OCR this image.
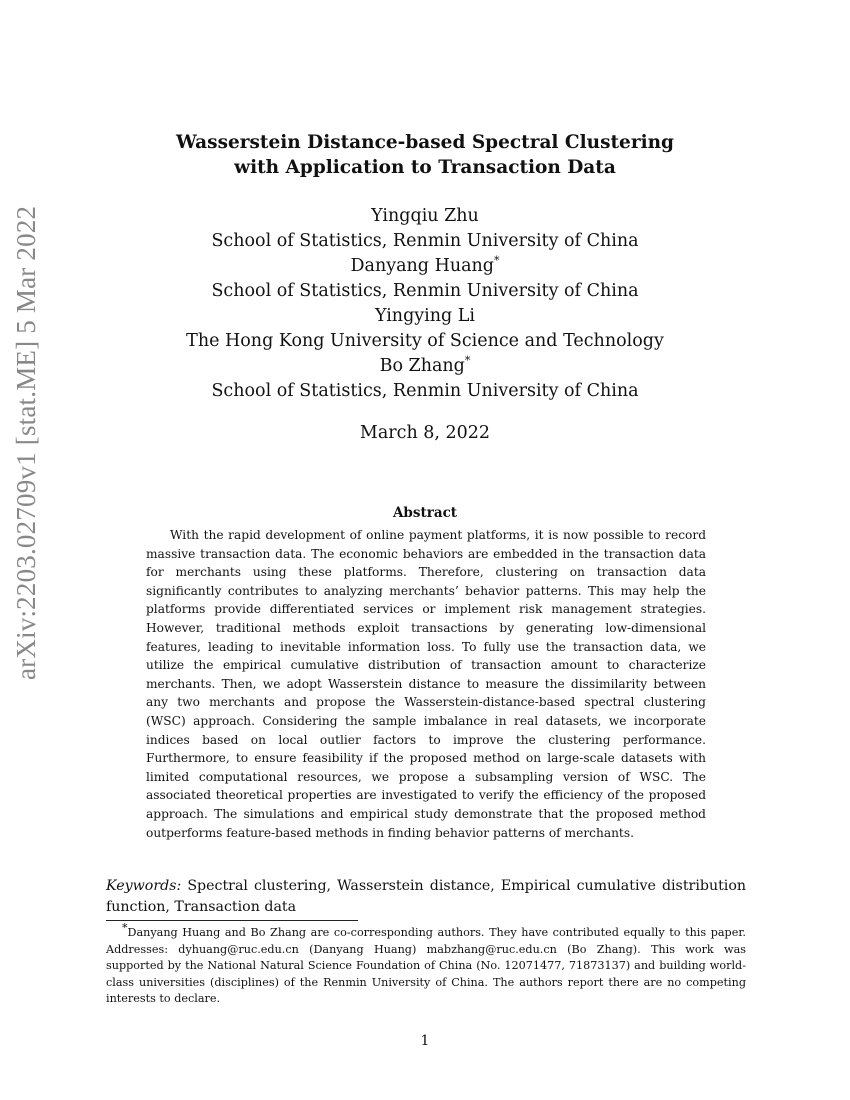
arXiv:2203.02709v1 [stat.ME] 5 Mar 2022
Wasserstein Distance-based Spectral Clustering
with Application to Transaction Data
Yingqiu Zhu
School of Statistics, Renmin University of China
Danyang Huang*
School of Statistics, Renmin University of China
Yingying Li
The Hong Kong University of Science and Technology
Bo Zhang*
School of Statistics, Renmin University of China
March 8, 2022
Abstract
With the rapid development of online payment platforms, it is now possible to record massive transaction data. The economic behaviors are embedded in the transaction data for merchants using these platforms. Therefore, clustering on transaction data significantly contributes to analyzing merchants’ behavior patterns. This may help the platforms provide differentiated services or implement risk management strategies. However, traditional methods exploit transactions by generating low-dimensional features, leading to inevitable information loss. To fully use the transaction data, we utilize the empirical cumulative distribution of transaction amount to characterize merchants. Then, we adopt Wasserstein distance to measure the dissimilarity between any two merchants and propose the Wasserstein-distance-based spectral clustering (WSC) approach. Considering the sample imbalance in real datasets, we incorporate indices based on local outlier factors to improve the clustering performance. Furthermore, to ensure feasibility if the proposed method on large-scale datasets with limited computational resources, we propose a subsampling version of WSC. The associated theoretical properties are investigated to verify the efficiency of the proposed approach. The simulations and empirical study demonstrate that the proposed method outperforms feature-based methods in finding behavior patterns of merchants.
Keywords: Spectral clustering, Wasserstein distance, Empirical cumulative distribution function, Transaction data
*Danyang Huang and Bo Zhang are co-corresponding authors. They have contributed equally to this paper. Addresses: dyhuang@ruc.edu.cn (Danyang Huang) mabzhang@ruc.edu.cn (Bo Zhang). This work was supported by the National Natural Science Foundation of China (No. 12071477, 71873137) and building world-class universities (disciplines) of the Renmin University of China. The authors report there are no competing interests to declare.
1
